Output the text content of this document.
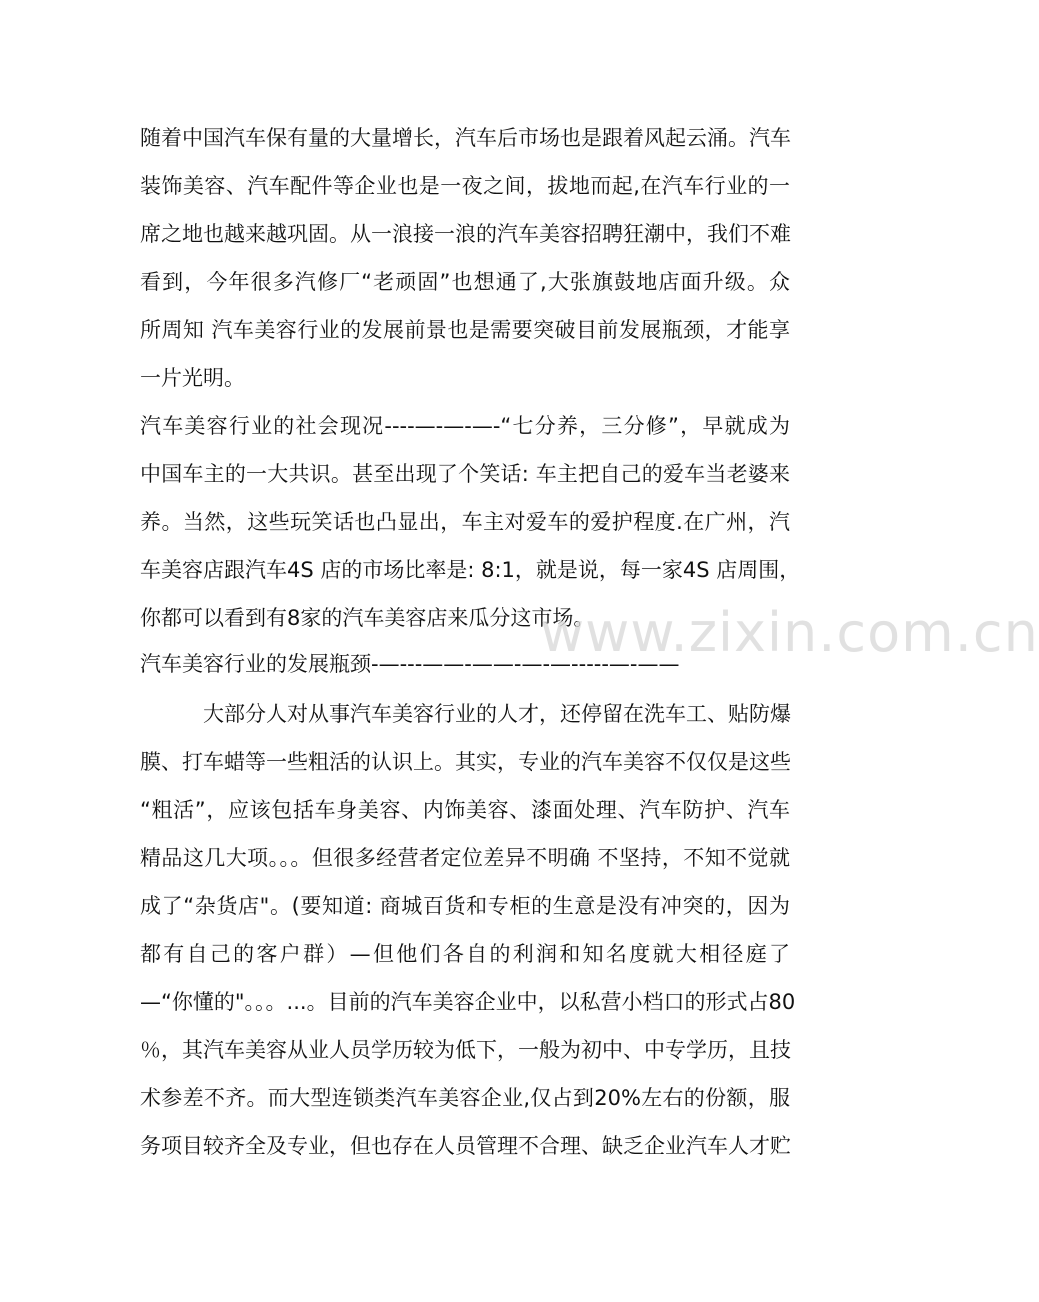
随着中国汽车保有量的大量增长，汽车后市场也是跟着风起云涌。汽车
装饰美容、汽车配件等企业也是一夜之间，拔地而起,在汽车行业的一
席之地也越来越巩固。从一浪接一浪的汽车美容招聘狂潮中，我们不难
看到，今年很多汽修厂“老顽固”也想通了,大张旗鼓地店面升级。众
所周知 汽车美容行业的发展前景也是需要突破目前发展瓶颈，才能享
一片光明。
汽车美容行业的社会现况----—-—-—-“七分养，三分修”，早就成为
中国车主的一大共识。甚至出现了个笑话: 车主把自己的爱车当老婆来
养。当然，这些玩笑话也凸显出，车主对爱车的爱护程度.在广州，汽
车美容店跟汽车4S 店的市场比率是: 8:1，就是说，每一家4S 店周围，
你都可以看到有8家的汽车美容店来瓜分这市场。
汽车美容行业的发展瓶颈-—---——-——-—-—-----—-——
大部分人对从事汽车美容行业的人才，还停留在洗车工、贴防爆
膜、打车蜡等一些粗活的认识上。其实，专业的汽车美容不仅仅是这些
“粗活”，应该包括车身美容、内饰美容、漆面处理、汽车防护、汽车
精品这几大项。。。但很多经营者定位差异不明确 不坚持，不知不觉就
成了“杂货店"。(要知道: 商城百货和专柜的生意是没有冲突的，因为
都有自己的客户群）—但他们各自的利润和知名度就大相径庭了
—“你懂的"。。。...。目前的汽车美容企业中，以私营小档口的形式占80
％，其汽车美容从业人员学历较为低下，一般为初中、中专学历，且技
术参差不齐。而大型连锁类汽车美容企业,仅占到20%左右的份额，服
务项目较齐全及专业，但也存在人员管理不合理、缺乏企业汽车人才贮
www.zixin.com.cn
